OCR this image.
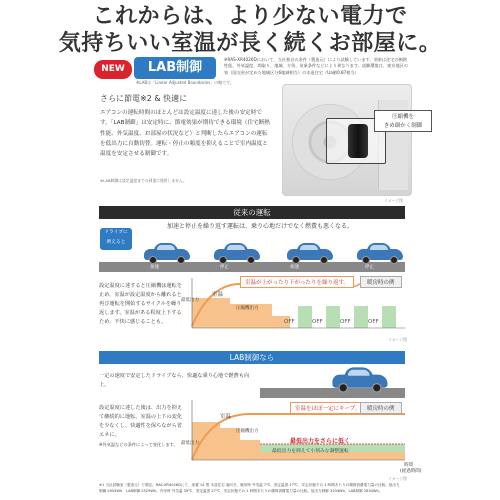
これからは、より少ない電力で
気持ちいい室温が長く続くお部屋に。
NEW	LAB制御
※LABは「Linear Adjusted Boundaries」の略です。
※RAS-XR4026Dにおいて、当社独自の条件（製造元）により試験しています。効果は住宅の断熱性能、外気温度、間取り、地域、方角、気象条件などにより異なります。試験環境は、東京地区の家（国交省が定めた地域区分6地域相当）の木造住宅（Ua値0.87相当）
さらに節電※2 & 快適に
エアコンの運転時間のほとんどは設定温度に達した後の安定時です。「LAB制御」は安定時に、節電効果が期待できる環境（住宅断熱性能、外気温度、お部屋の状況など）と判断したらエアコンの運転を低出力に自動切替。運転・停止の頻度を抑えることで室内温度と温度を安定させる制御です。
※LAB制御は設定温度までの到達に使用しません。
圧縮機を
きめ細かく制御
イメージ図
従来の運転
加速と停止を繰り返す運転は、乗り心地だけでなく燃費も悪くなる。
ドライブに
例えると
加速	停止	加速	停止
設定温度に達すると圧縮機は運転を止め、室温が設定温度から離れると再び運転を開始するサイクルを繰り返します。室温がある程度上下するため、不快に感じることも。
室温
室温が上がったり下がったりを繰り返す。	暖房時の例
最低出力
圧縮機出力
OFF	OFF	OFF	OFF
イメージ図
LAB制御なら
一定の速度で安定したドライブなら、快適な乗り心地で燃費も向上。
設定温度に達した後は、出力を抑えて継続的に運転。室温の上下の変化を少なくし、快適性を保ちながら省エネに。
※外気温などの条件によって変化します。
室温
室温をほぼ一定にキープ。	暖房時の例
最低出力
圧縮機出力
最低出力をさらに低く
最低出力を抑えて小刻みな調整運転
時間
(経過時間)
イメージ図
※1 当社試験室（製造元）で測定。RAS-XR4026Dにて、床置 14 畳 木造住宅 南向き、暖房時 外気温 7℃、設定温度 27℃、安定状態での 1 時間あたりの積算消費電力量の比較。低出力制御 2954Wh、LAB制御 2529Wh。冷房時 外気温 35℃、設定温度 27℃、安定状態での 1 時間あたりの積算消費電力量の比較。低出力制御 3204Wh、LAB制御 2834Wh。
